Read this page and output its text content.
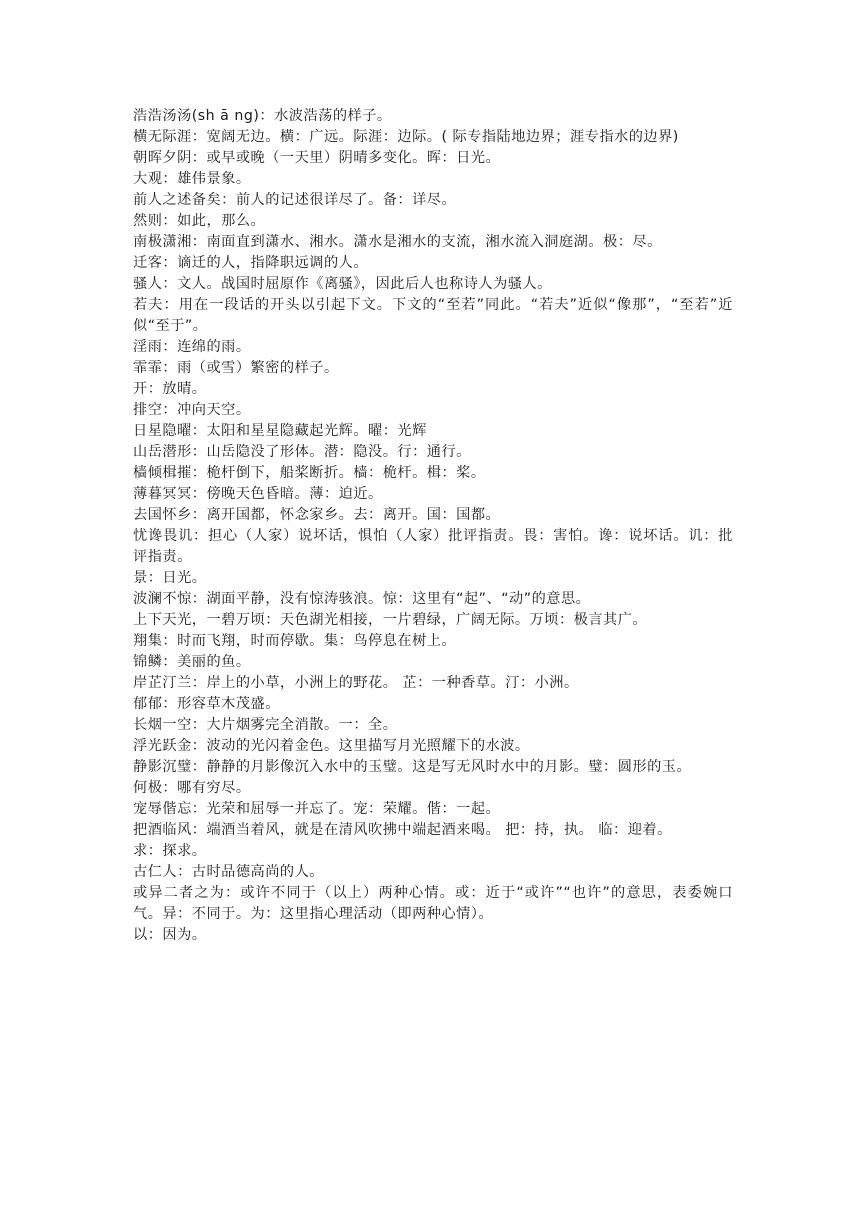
浩浩汤汤(sh ā ng)：水波浩荡的样子。

横无际涯：宽阔无边。横：广远。际涯：边际。( 际专指陆地边界；涯专指水的边界)

朝晖夕阴：或早或晚（一天里）阴晴多变化。晖：日光。

大观：雄伟景象。

前人之述备矣：前人的记述很详尽了。备：详尽。

然则：如此，那么。

南极潇湘：南面直到潇水、湘水。潇水是湘水的支流，湘水流入洞庭湖。极：尽。

迁客：谪迁的人，指降职远调的人。

骚人：文人。战国时屈原作《离骚》，因此后人也称诗人为骚人。

若夫：用在一段话的开头以引起下文。下文的“至若”同此。“若夫”近似“像那”，“至若”近似“至于”。

淫雨：连绵的雨。

霏霏：雨（或雪）繁密的样子。

开：放晴。

排空：冲向天空。

日星隐曜：太阳和星星隐藏起光辉。曜：光辉

山岳潜形：山岳隐没了形体。潜：隐没。行：通行。

樯倾楫摧：桅杆倒下，船桨断折。樯：桅杆。楫：桨。

薄暮冥冥：傍晚天色昏暗。薄：迫近。

去国怀乡：离开国都，怀念家乡。去：离开。国：国都。

忧谗畏讥：担心（人家）说坏话，惧怕（人家）批评指责。畏：害怕。谗：说坏话。讥：批评指责。

景：日光。

波澜不惊：湖面平静，没有惊涛骇浪。惊：这里有“起”、“动”的意思。

上下天光，一碧万顷：天色湖光相接，一片碧绿，广阔无际。万顷：极言其广。

翔集：时而飞翔，时而停歇。集：鸟停息在树上。

锦鳞：美丽的鱼。

岸芷汀兰：岸上的小草，小洲上的野花。 芷：一种香草。汀：小洲。

郁郁：形容草木茂盛。

长烟一空：大片烟雾完全消散。一：全。

浮光跃金：波动的光闪着金色。这里描写月光照耀下的水波。

静影沉璧：静静的月影像沉入水中的玉璧。这是写无风时水中的月影。璧：圆形的玉。

何极：哪有穷尽。

宠辱偕忘：光荣和屈辱一并忘了。宠：荣耀。偕：一起。

把酒临风：端酒当着风，就是在清风吹拂中端起酒来喝。 把：持，执。 临：迎着。

求：探求。

古仁人：古时品德高尚的人。

或异二者之为：或许不同于（以上）两种心情。或：近于“或许”“也许”的意思，表委婉口气。异：不同于。为：这里指心理活动（即两种心情）。

以：因为。
